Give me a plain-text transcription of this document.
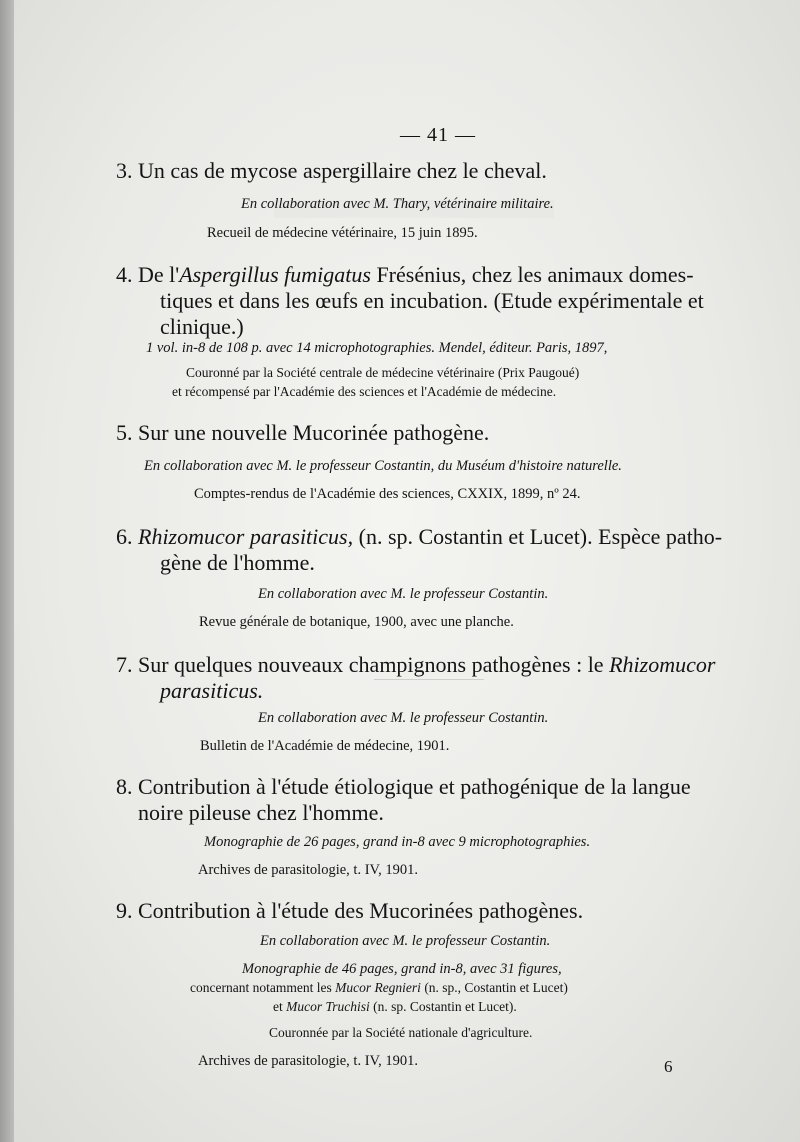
— 41 —
3. Un cas de mycose aspergillaire chez le cheval.
En collaboration avec M. Thary, vétérinaire militaire.
Recueil de médecine vétérinaire, 15 juin 1895.
4. De l'Aspergillus fumigatus Frésénius, chez les animaux domes-
tiques et dans les œufs en incubation. (Etude expérimentale et
clinique.)
1 vol. in-8 de 108 p. avec 14 microphotographies. Mendel, éditeur. Paris, 1897,
Couronné par la Société centrale de médecine vétérinaire (Prix Paugoué)
et récompensé par l'Académie des sciences et l'Académie de médecine.
5. Sur une nouvelle Mucorinée pathogène.
En collaboration avec M. le professeur Costantin, du Muséum d'histoire naturelle.
Comptes-rendus de l'Académie des sciences, CXXIX, 1899, nº 24.
6. Rhizomucor parasiticus, (n. sp. Costantin et Lucet). Espèce patho-
gène de l'homme.
En collaboration avec M. le professeur Costantin.
Revue générale de botanique, 1900, avec une planche.
7. Sur quelques nouveaux champignons pathogènes : le Rhizomucor
parasiticus.
En collaboration avec M. le professeur Costantin.
Bulletin de l'Académie de médecine, 1901.
8. Contribution à l'étude étiologique et pathogénique de la langue
noire pileuse chez l'homme.
Monographie de 26 pages, grand in-8 avec 9 microphotographies.
Archives de parasitologie, t. IV, 1901.
9. Contribution à l'étude des Mucorinées pathogènes.
En collaboration avec M. le professeur Costantin.
Monographie de 46 pages, grand in-8, avec 31 figures,
concernant notamment les Mucor Regnieri (n. sp., Costantin et Lucet)
et Mucor Truchisi (n. sp. Costantin et Lucet).
Couronnée par la Société nationale d'agriculture.
Archives de parasitologie, t. IV, 1901.	6
